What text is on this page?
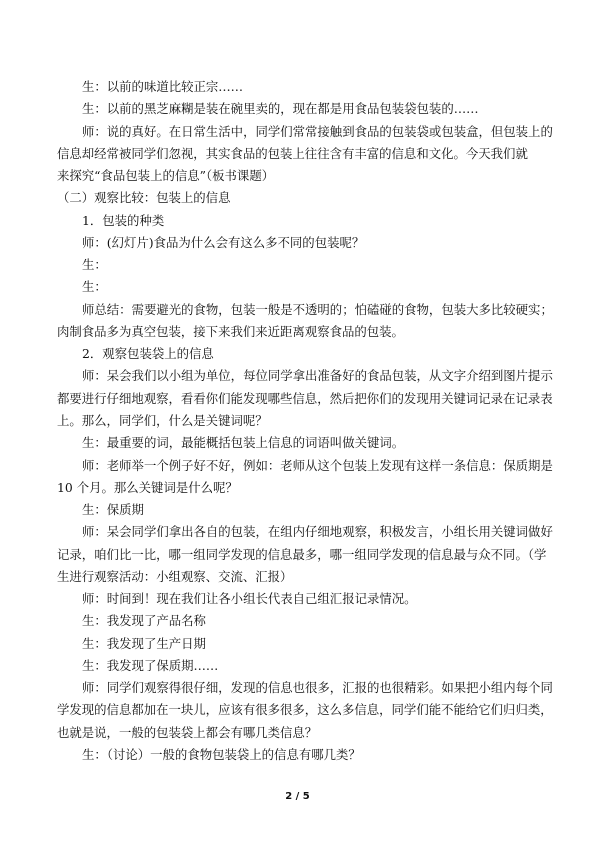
生：以前的味道比较正宗……
生：以前的黑芝麻糊是装在碗里卖的，现在都是用食品包装袋包装的……
师：说的真好。在日常生活中，同学们常常接触到食品的包装袋或包装盒，但包装上的
信息却经常被同学们忽视，其实食品的包装上往往含有丰富的信息和文化。今天我们就
来探究“食品包装上的信息”（板书课题）
（二）观察比较：包装上的信息
1．包装的种类
师：(幻灯片)食品为什么会有这么多不同的包装呢？
生：
生：
师总结：需要避光的食物，包装一般是不透明的；怕磕碰的食物，包装大多比较硬实；
肉制食品多为真空包装，接下来我们来近距离观察食品的包装。
2．观察包装袋上的信息
师：呆会我们以小组为单位，每位同学拿出准备好的食品包装，从文字介绍到图片提示
都要进行仔细地观察，看看你们能发现哪些信息，然后把你们的发现用关键词记录在记录表
上。那么，同学们，什么是关键词呢？
生：最重要的词，最能概括包装上信息的词语叫做关键词。
师：老师举一个例子好不好，例如：老师从这个包装上发现有这样一条信息：保质期是
10 个月。那么关键词是什么呢？
生：保质期
师：呆会同学们拿出各自的包装，在组内仔细地观察，积极发言，小组长用关键词做好
记录，咱们比一比，哪一组同学发现的信息最多，哪一组同学发现的信息最与众不同。（学
生进行观察活动：小组观察、交流、汇报）
师：时间到！现在我们让各小组长代表自己组汇报记录情况。
生：我发现了产品名称
生：我发现了生产日期
生：我发现了保质期……
师：同学们观察得很仔细，发现的信息也很多，汇报的也很精彩。如果把小组内每个同
学发现的信息都加在一块儿，应该有很多很多，这么多信息，同学们能不能给它们归归类，
也就是说，一般的包装袋上都会有哪几类信息？
生：（讨论）一般的食物包装袋上的信息有哪几类？
2 / 5
